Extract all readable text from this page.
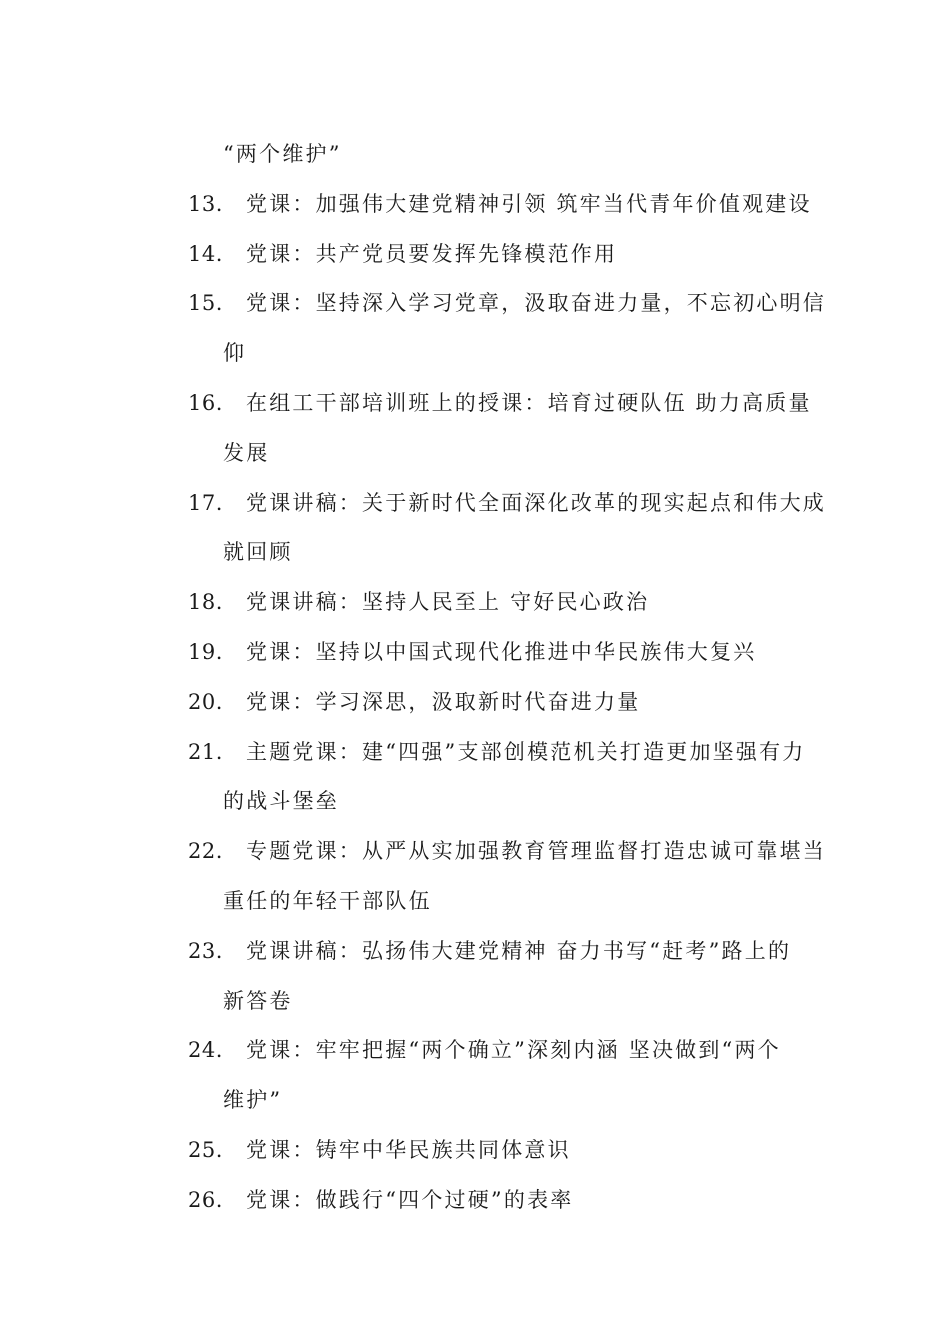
“两个维护”
13. 党课：加强伟大建党精神引领 筑牢当代青年价值观建设
14. 党课：共产党员要发挥先锋模范作用
15. 党课：坚持深入学习党章，汲取奋进力量，不忘初心明信
仰
16. 在组工干部培训班上的授课：培育过硬队伍 助力高质量
发展
17. 党课讲稿：关于新时代全面深化改革的现实起点和伟大成
就回顾
18. 党课讲稿：坚持人民至上 守好民心政治
19. 党课：坚持以中国式现代化推进中华民族伟大复兴
20. 党课：学习深思，汲取新时代奋进力量
21. 主题党课：建“四强”支部创模范机关打造更加坚强有力
的战斗堡垒
22. 专题党课：从严从实加强教育管理监督打造忠诚可靠堪当
重任的年轻干部队伍
23. 党课讲稿：弘扬伟大建党精神 奋力书写“赶考”路上的
新答卷
24. 党课：牢牢把握“两个确立”深刻内涵 坚决做到“两个
维护”
25. 党课：铸牢中华民族共同体意识
26. 党课：做践行“四个过硬”的表率
